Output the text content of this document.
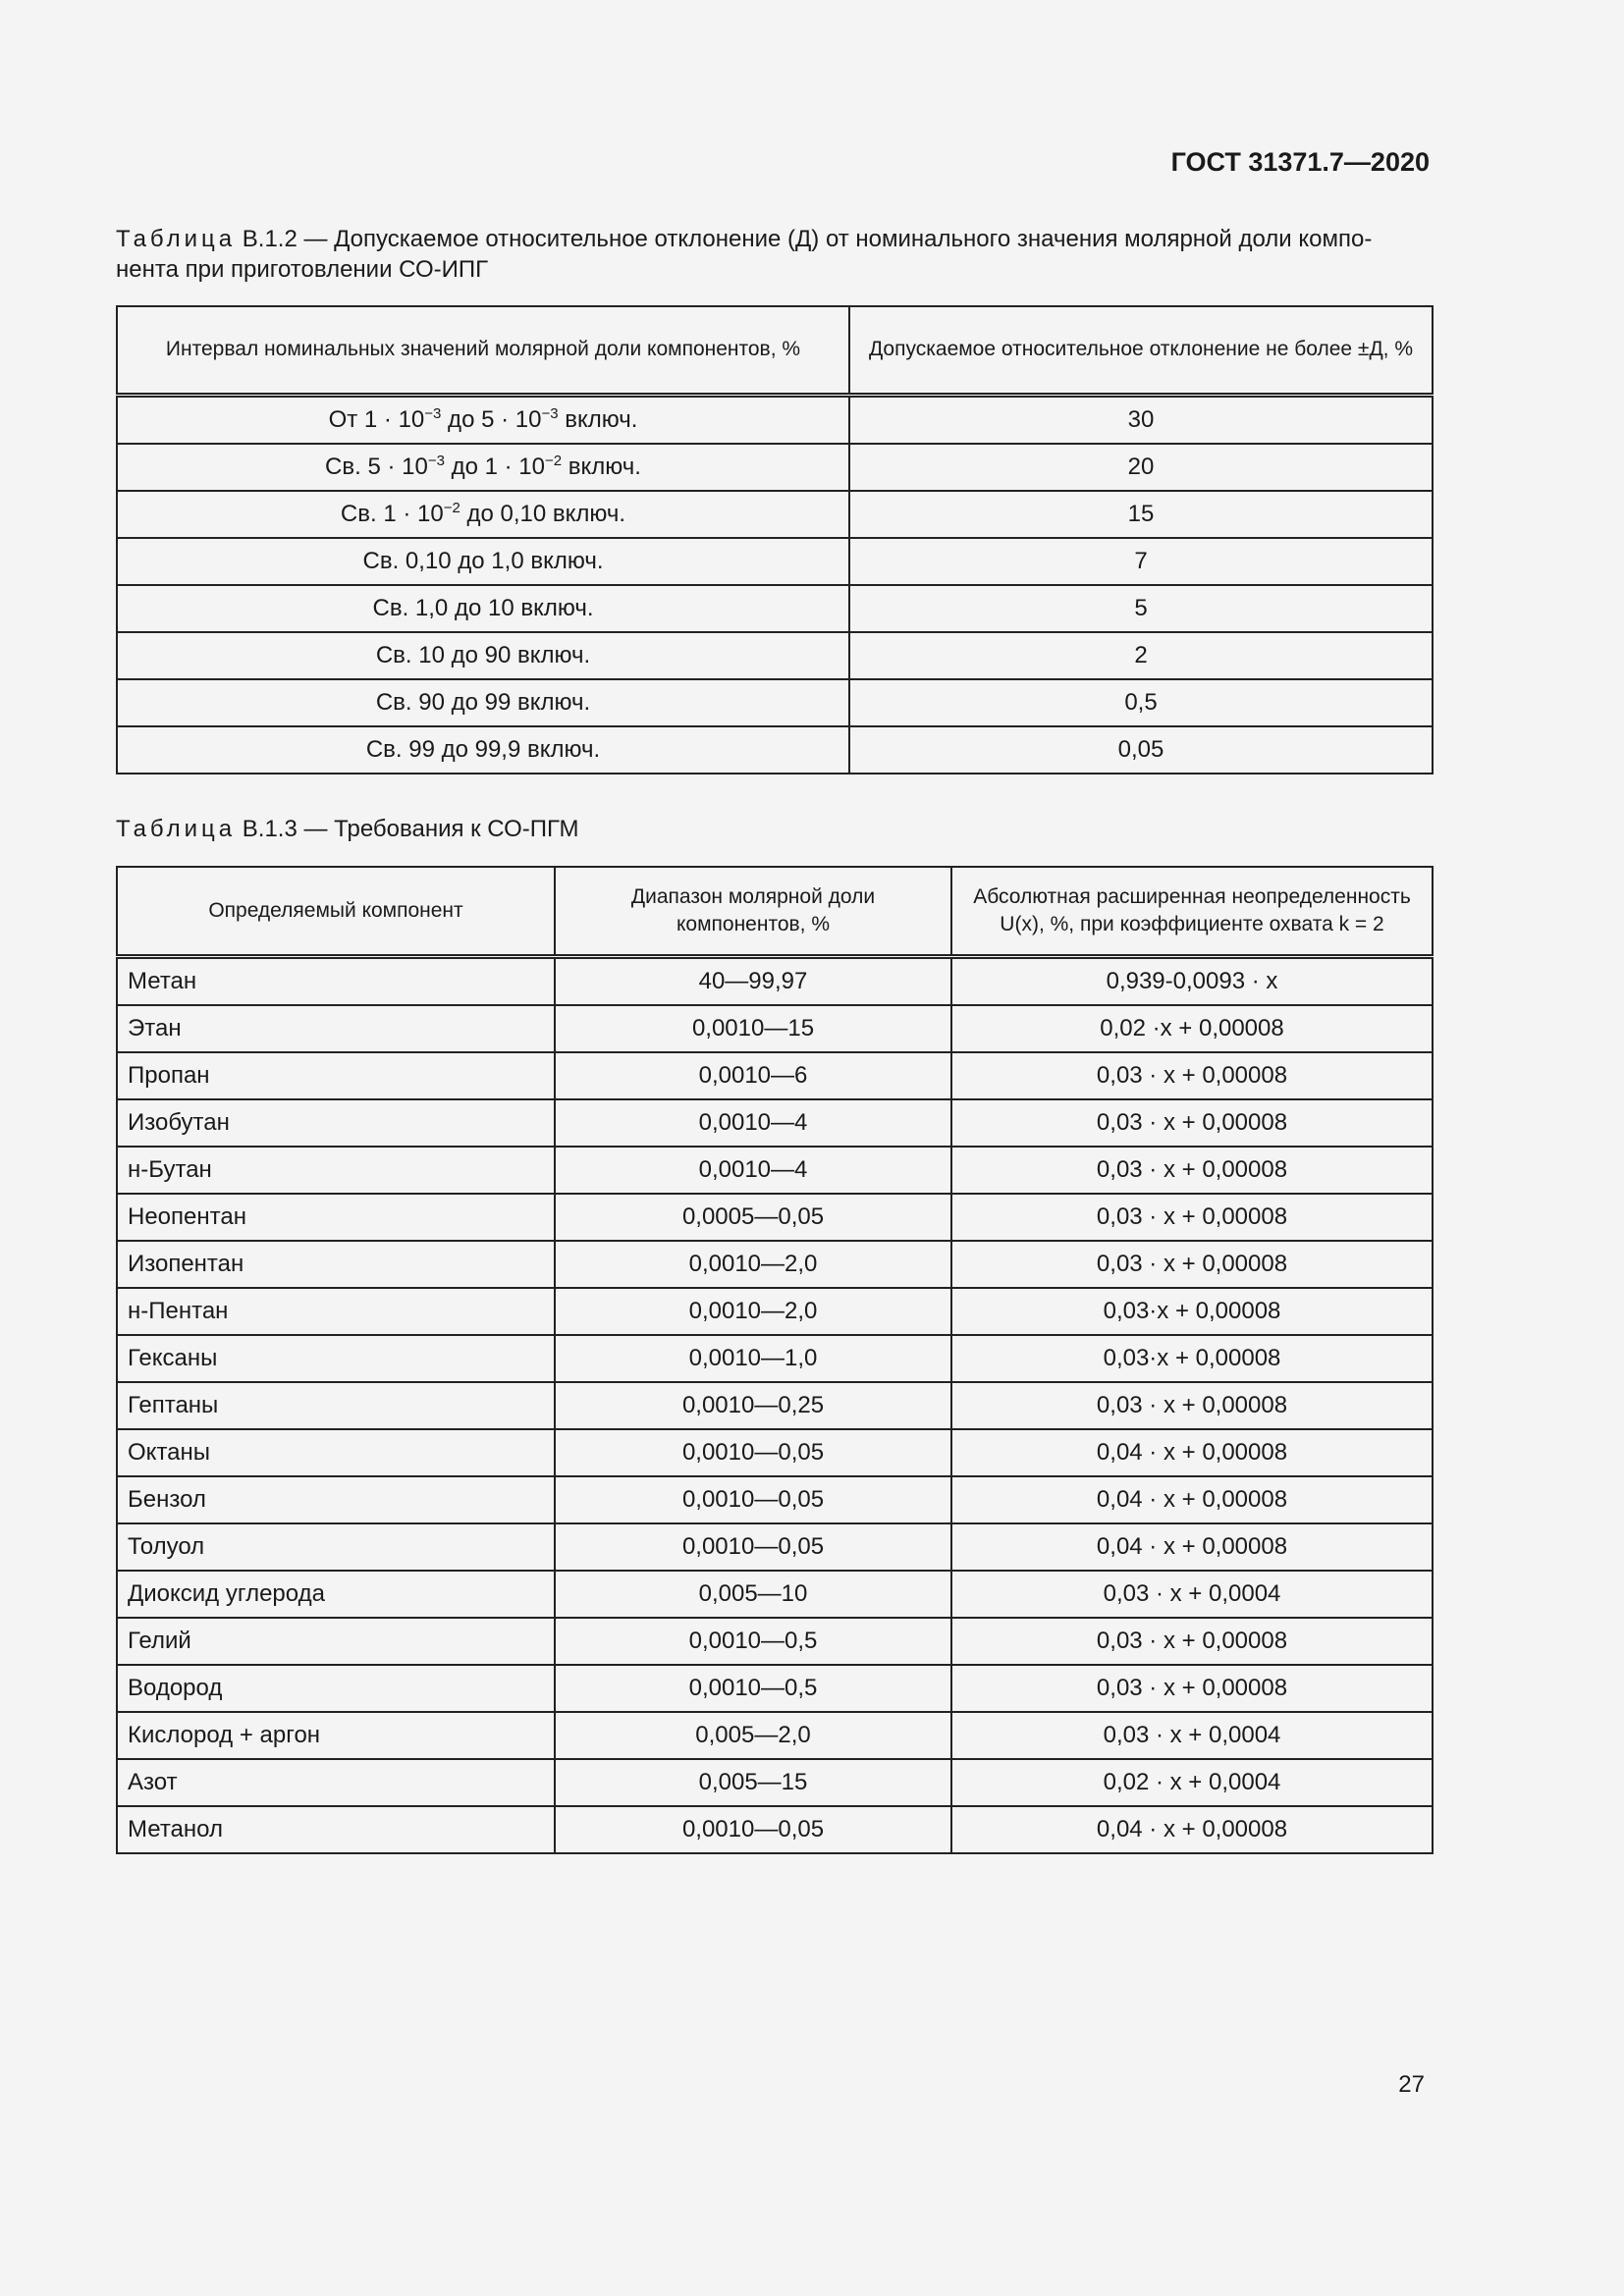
ГОСТ 31371.7—2020
Таблица В.1.2 — Допускаемое относительное отклонение (Д) от номинального значения молярной доли компо-нента при приготовлении СО-ИПГ
Интервал номинальных значений молярной доли компонентов, %	Допускаемое относительное отклонение не более ±Д, %
От $1 \cdot 10^{-3}$ до $5 \cdot 10^{-3}$ включ.	30
Св. $5 \cdot 10^{-3}$ до $1 \cdot 10^{-2}$ включ.	20
Св. $1 \cdot 10^{-2}$ до 0,10 включ.	15
Св. 0,10 до 1,0 включ.	7
Св. 1,0 до 10 включ.	5
Св. 10 до 90 включ.	2
Св. 90 до 99 включ.	0,5
Св. 99 до 99,9 включ.	0,05
Таблица В.1.3 — Требования к СО-ПГМ
Определяемый компонент	Диапазон молярной доли компонентов, %	Абсолютная расширенная неопределенность U(x), %, при коэффициенте охвата k = 2
Метан	40—99,97	0,939-0,0093 · x
Этан	0,0010—15	0,02 ·x + 0,00008
Пропан	0,0010—6	0,03 · x + 0,00008
Изобутан	0,0010—4	0,03 · x + 0,00008
н-Бутан	0,0010—4	0,03 · x + 0,00008
Неопентан	0,0005—0,05	0,03 · x + 0,00008
Изопентан	0,0010—2,0	0,03 · x + 0,00008
н-Пентан	0,0010—2,0	0,03·x + 0,00008
Гексаны	0,0010—1,0	0,03·x + 0,00008
Гептаны	0,0010—0,25	0,03 · x + 0,00008
Октаны	0,0010—0,05	0,04 · x + 0,00008
Бензол	0,0010—0,05	0,04 · x + 0,00008
Толуол	0,0010—0,05	0,04 · x + 0,00008
Диоксид углерода	0,005—10	0,03 · x + 0,0004
Гелий	0,0010—0,5	0,03 · x + 0,00008
Водород	0,0010—0,5	0,03 · x + 0,00008
Кислород + аргон	0,005—2,0	0,03 · x + 0,0004
Азот	0,005—15	0,02 · x + 0,0004
Метанол	0,0010—0,05	0,04 · x + 0,00008
27
